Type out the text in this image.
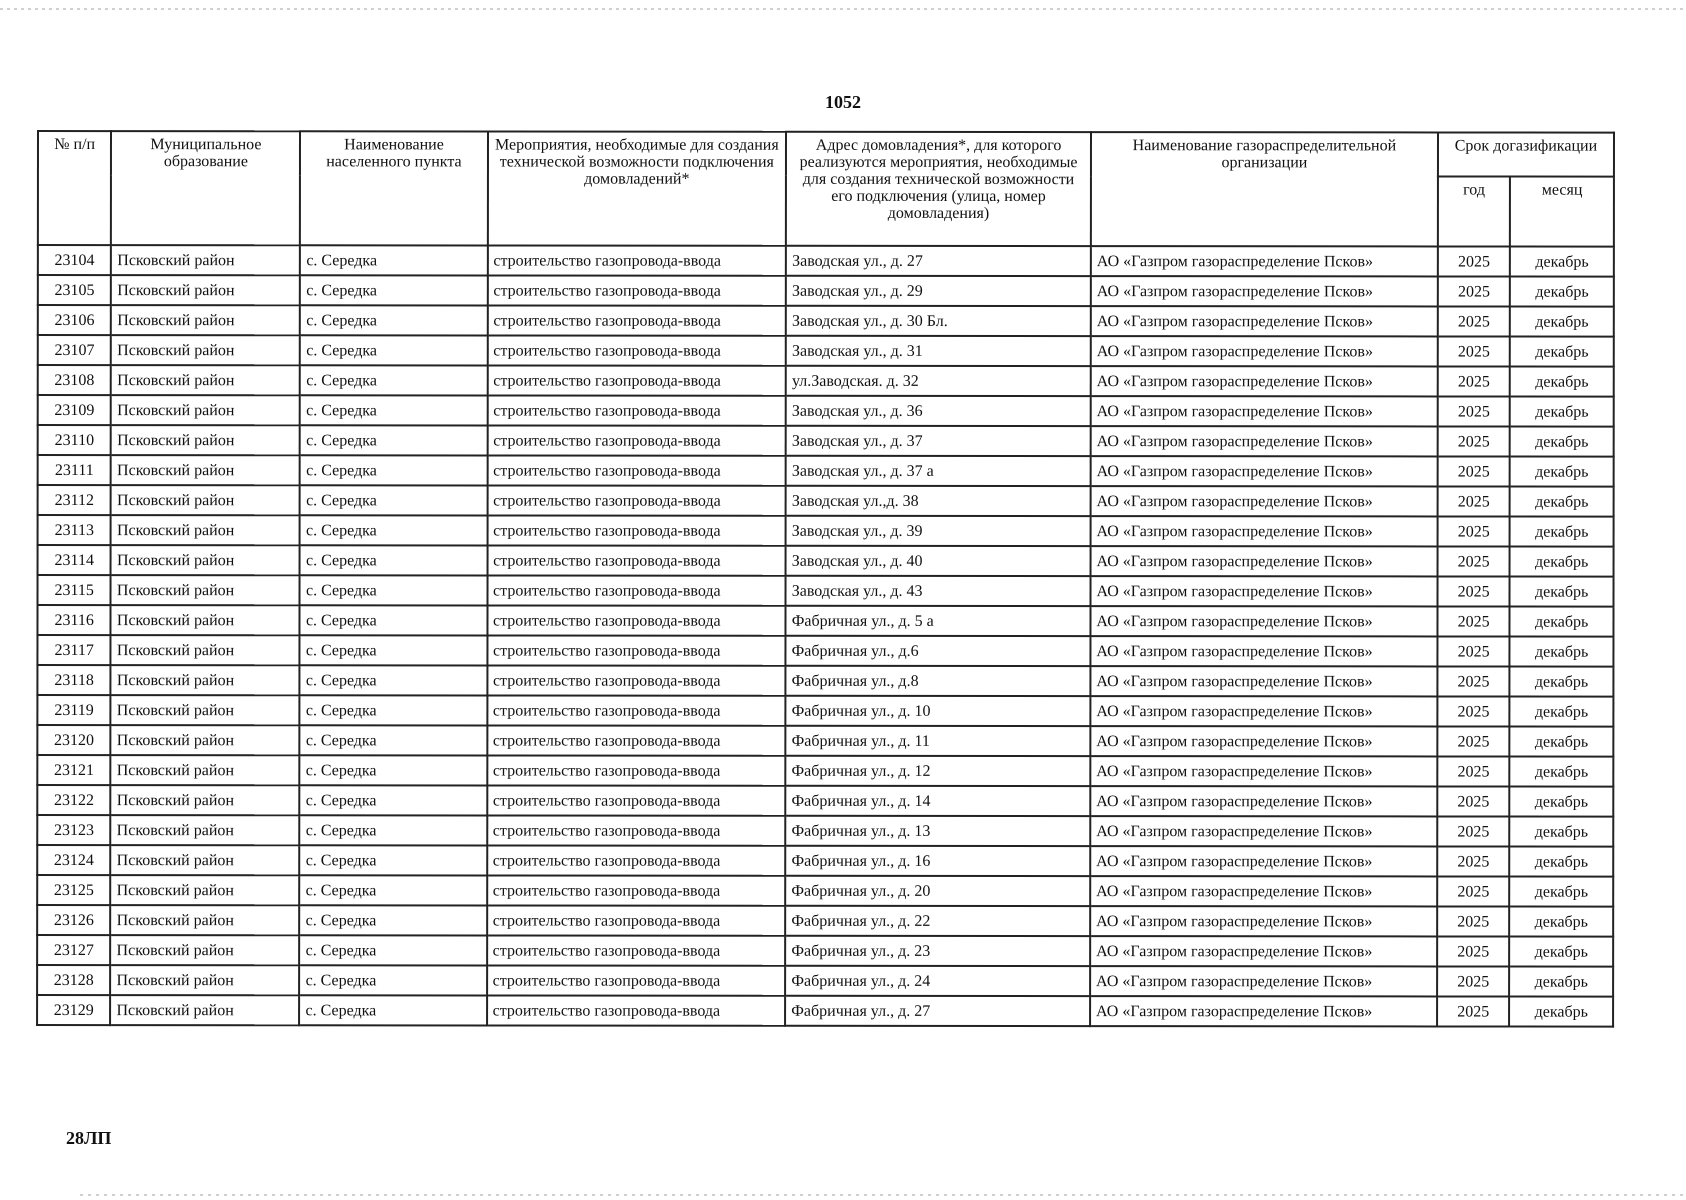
1052
№ п/п	Муниципальное образование	Наименование населенного пункта	Мероприятия, необходимые для создания технической возможности подключения домовладений*	Адрес домовладения*, для которого реализуются мероприятия, необходимые для создания технической возможности его подключения (улица, номер домовладения)	Наименование газораспределительной организации	Срок догазификации	
						год	месяц
23104	Псковский район	с. Середка	строительство газопровода-ввода	Заводская ул., д. 27	АО «Газпром газораспределение Псков»	2025	декабрь
23105	Псковский район	с. Середка	строительство газопровода-ввода	Заводская ул., д. 29	АО «Газпром газораспределение Псков»	2025	декабрь
23106	Псковский район	с. Середка	строительство газопровода-ввода	Заводская ул., д. 30 Бл.	АО «Газпром газораспределение Псков»	2025	декабрь
23107	Псковский район	с. Середка	строительство газопровода-ввода	Заводская ул., д. 31	АО «Газпром газораспределение Псков»	2025	декабрь
23108	Псковский район	с. Середка	строительство газопровода-ввода	ул.Заводская. д. 32	АО «Газпром газораспределение Псков»	2025	декабрь
23109	Псковский район	с. Середка	строительство газопровода-ввода	Заводская ул., д. 36	АО «Газпром газораспределение Псков»	2025	декабрь
23110	Псковский район	с. Середка	строительство газопровода-ввода	Заводская ул., д. 37	АО «Газпром газораспределение Псков»	2025	декабрь
23111	Псковский район	с. Середка	строительство газопровода-ввода	Заводская ул., д. 37 а	АО «Газпром газораспределение Псков»	2025	декабрь
23112	Псковский район	с. Середка	строительство газопровода-ввода	Заводская ул.,д. 38	АО «Газпром газораспределение Псков»	2025	декабрь
23113	Псковский район	с. Середка	строительство газопровода-ввода	Заводская ул., д. 39	АО «Газпром газораспределение Псков»	2025	декабрь
23114	Псковский район	с. Середка	строительство газопровода-ввода	Заводская ул., д. 40	АО «Газпром газораспределение Псков»	2025	декабрь
23115	Псковский район	с. Середка	строительство газопровода-ввода	Заводская ул., д. 43	АО «Газпром газораспределение Псков»	2025	декабрь
23116	Псковский район	с. Середка	строительство газопровода-ввода	Фабричная ул., д. 5 а	АО «Газпром газораспределение Псков»	2025	декабрь
23117	Псковский район	с. Середка	строительство газопровода-ввода	Фабричная ул., д.6	АО «Газпром газораспределение Псков»	2025	декабрь
23118	Псковский район	с. Середка	строительство газопровода-ввода	Фабричная ул., д.8	АО «Газпром газораспределение Псков»	2025	декабрь
23119	Псковский район	с. Середка	строительство газопровода-ввода	Фабричная ул., д. 10	АО «Газпром газораспределение Псков»	2025	декабрь
23120	Псковский район	с. Середка	строительство газопровода-ввода	Фабричная ул., д. 11	АО «Газпром газораспределение Псков»	2025	декабрь
23121	Псковский район	с. Середка	строительство газопровода-ввода	Фабричная ул., д. 12	АО «Газпром газораспределение Псков»	2025	декабрь
23122	Псковский район	с. Середка	строительство газопровода-ввода	Фабричная ул., д. 14	АО «Газпром газораспределение Псков»	2025	декабрь
23123	Псковский район	с. Середка	строительство газопровода-ввода	Фабричная ул., д. 13	АО «Газпром газораспределение Псков»	2025	декабрь
23124	Псковский район	с. Середка	строительство газопровода-ввода	Фабричная ул., д. 16	АО «Газпром газораспределение Псков»	2025	декабрь
23125	Псковский район	с. Середка	строительство газопровода-ввода	Фабричная ул., д. 20	АО «Газпром газораспределение Псков»	2025	декабрь
23126	Псковский район	с. Середка	строительство газопровода-ввода	Фабричная ул., д. 22	АО «Газпром газораспределение Псков»	2025	декабрь
23127	Псковский район	с. Середка	строительство газопровода-ввода	Фабричная ул., д. 23	АО «Газпром газораспределение Псков»	2025	декабрь
23128	Псковский район	с. Середка	строительство газопровода-ввода	Фабричная ул., д. 24	АО «Газпром газораспределение Псков»	2025	декабрь
23129	Псковский район	с. Середка	строительство газопровода-ввода	Фабричная ул., д. 27	АО «Газпром газораспределение Псков»	2025	декабрь
28ЛП
